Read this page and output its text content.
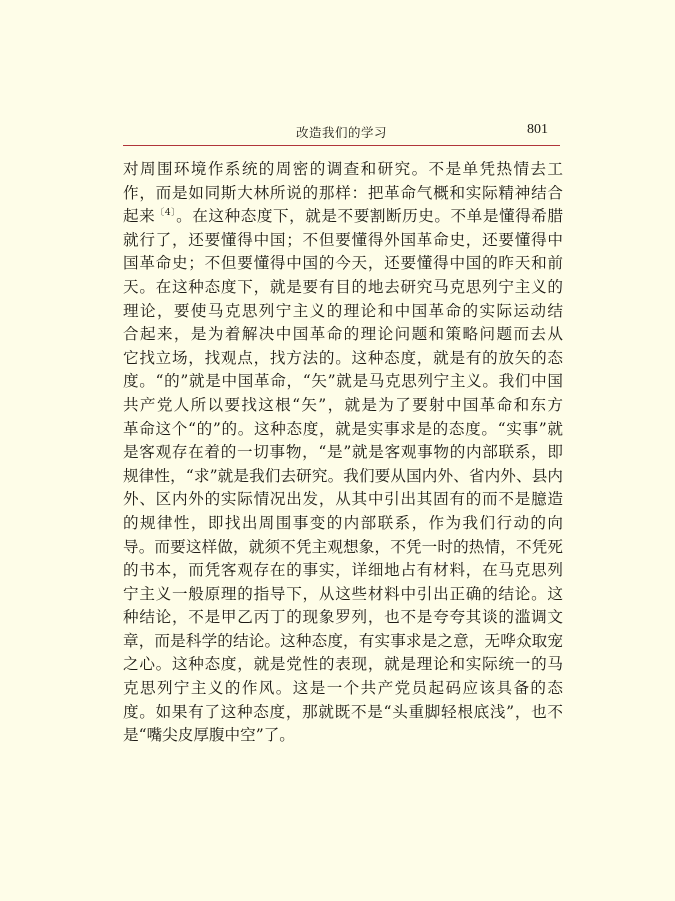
改造我们的学习	801
对周围环境作系统的周密的调查和研究。不是单凭热情去工
作，而是如同斯大林所说的那样：把革命气概和实际精神结合
起来$^{〔4〕}$。在这种态度下，就是不要割断历史。不单是懂得希腊
就行了，还要懂得中国；不但要懂得外国革命史，还要懂得中
国革命史；不但要懂得中国的今天，还要懂得中国的昨天和前
天。在这种态度下，就是要有目的地去研究马克思列宁主义的
理论，要使马克思列宁主义的理论和中国革命的实际运动结
合起来，是为着解决中国革命的理论问题和策略问题而去从
它找立场，找观点，找方法的。这种态度，就是有的放矢的态
度。“的”就是中国革命，“矢”就是马克思列宁主义。我们中国
共产党人所以要找这根“矢”，就是为了要射中国革命和东方
革命这个“的”的。这种态度，就是实事求是的态度。“实事”就
是客观存在着的一切事物，“是”就是客观事物的内部联系，即
规律性，“求”就是我们去研究。我们要从国内外、省内外、县内
外、区内外的实际情况出发，从其中引出其固有的而不是臆造
的规律性，即找出周围事变的内部联系，作为我们行动的向
导。而要这样做，就须不凭主观想象，不凭一时的热情，不凭死
的书本，而凭客观存在的事实，详细地占有材料，在马克思列
宁主义一般原理的指导下，从这些材料中引出正确的结论。这
种结论，不是甲乙丙丁的现象罗列，也不是夸夸其谈的滥调文
章，而是科学的结论。这种态度，有实事求是之意，无哗众取宠
之心。这种态度，就是党性的表现，就是理论和实际统一的马
克思列宁主义的作风。这是一个共产党员起码应该具备的态
度。如果有了这种态度，那就既不是“头重脚轻根底浅”，也不
是“嘴尖皮厚腹中空”了。
